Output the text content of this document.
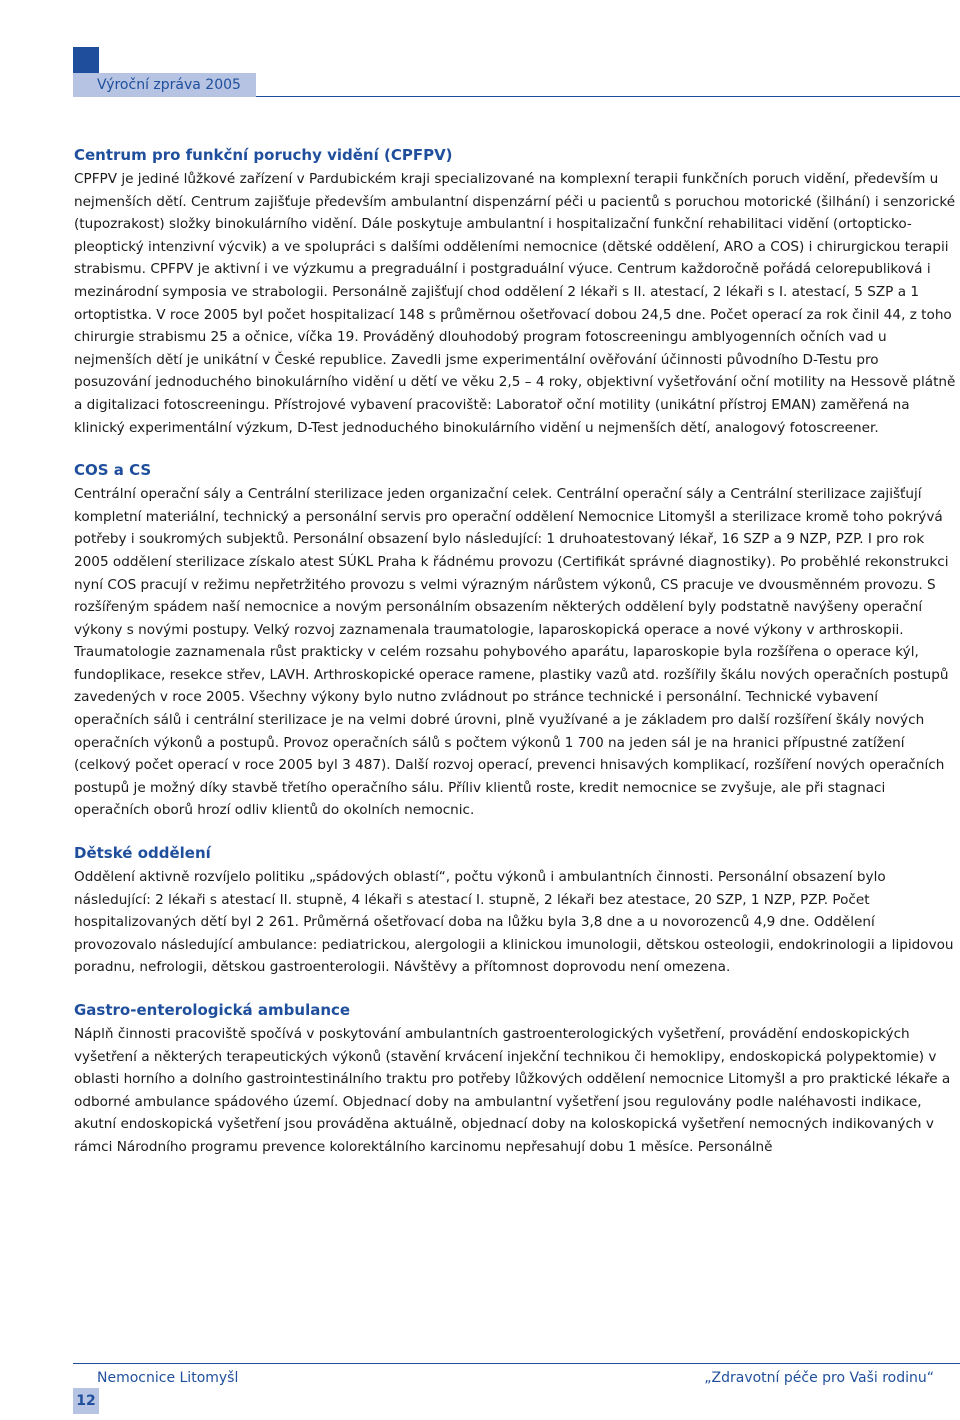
Výroční zpráva 2005
Centrum pro funkční poruchy vidění (CPFPV)

CPFPV je jediné lůžkové zařízení v Pardubickém kraji specializované na komplexní terapii funkčních poruch vidění, především u nejmenších dětí. Centrum zajišťuje především ambulantní dispenzární péči u pacientů s poruchou motorické (šilhání) i senzorické (tupozrakost) složky binokulárního vidění. Dále poskytuje ambulantní i hospitalizační funkční rehabilitaci vidění (ortopticko-pleoptický intenzivní výcvik) a ve spolupráci s dalšími odděleními nemocnice (dětské oddělení, ARO a COS) i chirurgickou terapii strabismu. CPFPV je aktivní i ve výzkumu a pregraduální i postgraduální výuce. Centrum každoročně pořádá celorepubliková i mezinárodní symposia ve strabologii. Personálně zajišťují chod oddělení 2 lékaři s II. atestací, 2 lékaři s I. atestací, 5 SZP a 1 ortoptistka. V roce 2005 byl počet hospitalizací 148 s průměrnou ošetřovací dobou 24,5 dne. Počet operací za rok činil 44, z toho chirurgie strabismu 25 a očnice, víčka 19. Prováděný dlouhodobý program fotoscreeningu amblyogenních očních vad u nejmenších dětí je unikátní v České republice. Zavedli jsme experimentální ověřování účinnosti původního D-Testu pro posuzování jednoduchého binokulárního vidění u dětí ve věku 2,5 – 4 roky, objektivní vyšetřování oční motility na Hessově plátně a digitalizaci fotoscreeningu. Přístrojové vybavení pracoviště: Laboratoř oční motility (unikátní přístroj EMAN) zaměřená na klinický experimentální výzkum, D-Test jednoduchého binokulárního vidění u nejmenších dětí, analogový fotoscreener.

COS a CS

Centrální operační sály a Centrální sterilizace jeden organizační celek. Centrální operační sály a Centrální sterilizace zajišťují kompletní materiální, technický a personální servis pro operační oddělení Nemocnice Litomyšl a sterilizace kromě toho pokrývá potřeby i soukromých subjektů. Personální obsazení bylo následující: 1 druhoatestovaný lékař, 16 SZP a 9 NZP, PZP. I pro rok 2005 oddělení sterilizace získalo atest SÚKL Praha k řádnému provozu (Certifikát správné diagnostiky). Po proběhlé rekonstrukci nyní COS pracují v režimu nepřetržitého provozu s velmi výrazným nárůstem výkonů, CS pracuje ve dvousměnném provozu. S rozšířeným spádem naší nemocnice a novým personálním obsazením některých oddělení byly podstatně navýšeny operační výkony s novými postupy. Velký rozvoj zaznamenala traumatologie, laparoskopická operace a nové výkony v arthroskopii. Traumatologie zaznamenala růst prakticky v celém rozsahu pohybového aparátu, laparoskopie byla rozšířena o operace kýl, fundoplikace, resekce střev, LAVH. Arthroskopické operace ramene, plastiky vazů atd. rozšířily škálu nových operačních postupů zavedených v roce 2005. Všechny výkony bylo nutno zvládnout po stránce technické i personální. Technické vybavení operačních sálů i centrální sterilizace je na velmi dobré úrovni, plně využívané a je základem pro další rozšíření škály nových operačních výkonů a postupů. Provoz operačních sálů s počtem výkonů 1 700 na jeden sál je na hranici přípustné zatížení (celkový počet operací v roce 2005 byl 3 487). Další rozvoj operací, prevenci hnisavých komplikací, rozšíření nových operačních postupů je možný díky stavbě třetího operačního sálu. Příliv klientů roste, kredit nemocnice se zvyšuje, ale při stagnaci operačních oborů hrozí odliv klientů do okolních nemocnic.

Dětské oddělení

Oddělení aktivně rozvíjelo politiku „spádových oblastí“, počtu výkonů i ambulantních činnosti. Personální obsazení bylo následující: 2 lékaři s atestací II. stupně, 4 lékaři s atestací I. stupně, 2 lékaři bez atestace, 20 SZP, 1 NZP, PZP. Počet hospitalizovaných dětí byl 2 261. Průměrná ošetřovací doba na lůžku byla 3,8 dne a u novorozenců 4,9 dne. Oddělení provozovalo následující ambulance: pediatrickou, alergologii a klinickou imunologii, dětskou osteologii, endokrinologii a lipidovou poradnu, nefrologii, dětskou gastroenterologii. Návštěvy a přítomnost doprovodu není omezena.

Gastro-enterologická ambulance

Náplň činnosti pracoviště spočívá v poskytování ambulantních gastroenterologických vyšetření, provádění endoskopických vyšetření a některých terapeutických výkonů (stavění krvácení injekční technikou či hemoklipy, endoskopická polypektomie) v oblasti horního a dolního gastrointestinálního traktu pro potřeby lůžkových oddělení nemocnice Litomyšl a pro praktické lékaře a odborné ambulance spádového území. Objednací doby na ambulantní vyšetření jsou regulovány podle naléhavosti indikace, akutní endoskopická vyšetření jsou prováděna aktuálně, objednací doby na koloskopická vyšetření nemocných indikovaných v rámci Národního programu prevence kolorektálního karcinomu nepřesahují dobu 1 měsíce. Personálně

Nemocnice Litomyšl	„Zdravotní péče pro Vaši rodinu“
12
